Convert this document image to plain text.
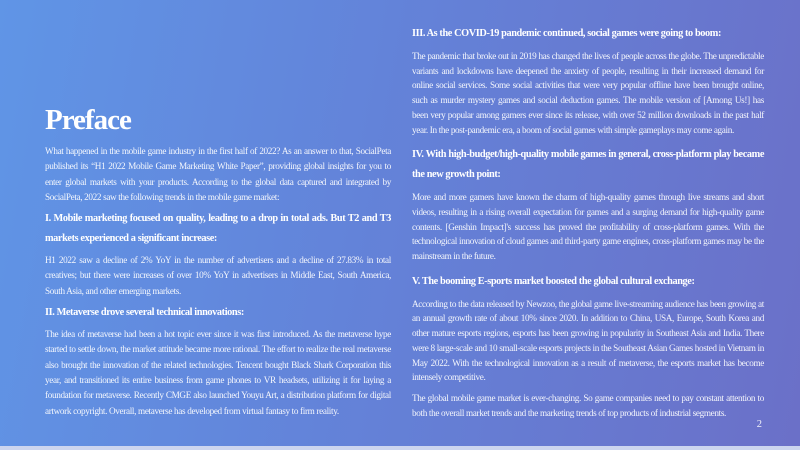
Preface

What happened in the mobile game industry in the first half of 2022? As an answer to that, SocialPeta published its “H1 2022 Mobile Game Marketing White Paper”, providing global insights for you to enter global markets with your products. According to the global data captured and integrated by SocialPeta, 2022 saw the following trends in the mobile game market:

I. Mobile marketing focused on quality, leading to a drop in total ads. But T2 and T3 markets experienced a significant increase:

H1 2022 saw a decline of 2% YoY in the number of advertisers and a decline of 27.83% in total creatives; but there were increases of over 10% YoY in advertisers in Middle East, South America, South Asia, and other emerging markets.

II. Metaverse drove several technical innovations:

The idea of metaverse had been a hot topic ever since it was first introduced. As the metaverse hype started to settle down, the market attitude became more rational. The effort to realize the real metaverse also brought the innovation of the related technologies. Tencent bought Black Shark Corporation this year, and transitioned its entire business from game phones to VR headsets, utilizing it for laying a foundation for metaverse. Recently CMGE also launched Youyu Art, a distribution platform for digital artwork copyright. Overall, metaverse has developed from virtual fantasy to firm reality.

III. As the COVID-19 pandemic continued, social games were going to boom:

The pandemic that broke out in 2019 has changed the lives of people across the globe. The unpredictable variants and lockdowns have deepened the anxiety of people, resulting in their increased demand for online social services. Some social activities that were very popular offline have been brought online, such as murder mystery games and social deduction games. The mobile version of [Among Us!] has been very popular among gamers ever since its release, with over 52 million downloads in the past half year. In the post-pandemic era, a boom of social games with simple gameplays may come again.

IV. With high-budget/high-quality mobile games in general, cross-platform play became the new growth point:

More and more gamers have known the charm of high-quality games through live streams and short videos, resulting in a rising overall expectation for games and a surging demand for high-quality game contents. [Genshin Impact]'s success has proved the profitability of cross-platform games. With the technological innovation of cloud games and third-party game engines, cross-platform games may be the mainstream in the future.

V. The booming E-sports market boosted the global cultural exchange:

According to the data released by Newzoo, the global game live-streaming audience has been growing at an annual growth rate of about 10% since 2020. In addition to China, USA, Europe, South Korea and other mature esports regions, esports has been growing in popularity in Southeast Asia and India. There were 8 large-scale and 10 small-scale esports projects in the Southeast Asian Games hosted in Vietnam in May 2022. With the technological innovation as a result of metaverse, the esports market has become intensely competitive.

The global mobile game market is ever-changing. So game companies need to pay constant attention to both the overall market trends and the marketing trends of top products of industrial segments.

2
